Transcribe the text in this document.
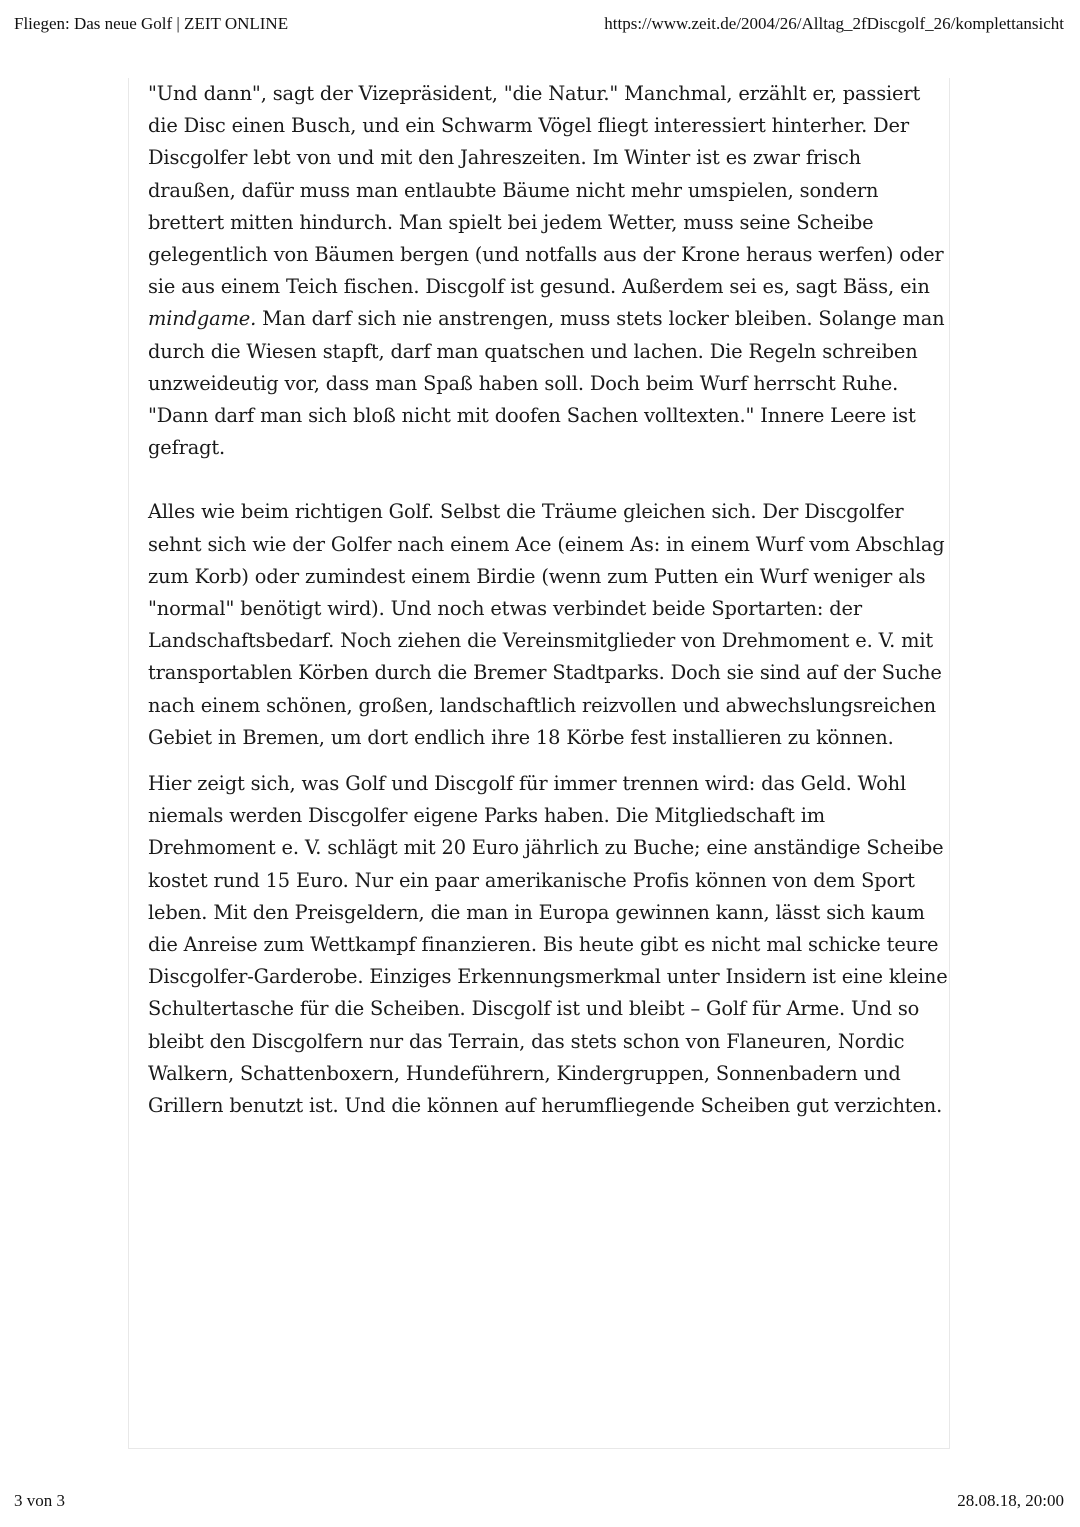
Fliegen: Das neue Golf | ZEIT ONLINE	https://www.zeit.de/2004/26/Alltag_2fDiscgolf_26/komplettansicht

"Und dann", sagt der Vizepräsident, "die Natur." Manchmal, erzählt er, passiert die Disc einen Busch, und ein Schwarm Vögel fliegt interessiert hinterher. Der Discgolfer lebt von und mit den Jahreszeiten. Im Winter ist es zwar frisch draußen, dafür muss man entlaubte Bäume nicht mehr umspielen, sondern brettert mitten hindurch. Man spielt bei jedem Wetter, muss seine Scheibe gelegentlich von Bäumen bergen (und notfalls aus der Krone heraus werfen) oder sie aus einem Teich fischen. Discgolf ist gesund. Außerdem sei es, sagt Bäss, ein mindgame. Man darf sich nie anstrengen, muss stets locker bleiben. Solange man durch die Wiesen stapft, darf man quatschen und lachen. Die Regeln schreiben unzweideutig vor, dass man Spaß haben soll. Doch beim Wurf herrscht Ruhe. "Dann darf man sich bloß nicht mit doofen Sachen volltexten." Innere Leere ist gefragt.

Alles wie beim richtigen Golf. Selbst die Träume gleichen sich. Der Discgolfer sehnt sich wie der Golfer nach einem Ace (einem As: in einem Wurf vom Abschlag zum Korb) oder zumindest einem Birdie (wenn zum Putten ein Wurf weniger als "normal" benötigt wird). Und noch etwas verbindet beide Sportarten: der Landschaftsbedarf. Noch ziehen die Vereinsmitglieder von Drehmoment e. V. mit transportablen Körben durch die Bremer Stadtparks. Doch sie sind auf der Suche nach einem schönen, großen, landschaftlich reizvollen und abwechslungsreichen Gebiet in Bremen, um dort endlich ihre 18 Körbe fest installieren zu können.

Hier zeigt sich, was Golf und Discgolf für immer trennen wird: das Geld. Wohl niemals werden Discgolfer eigene Parks haben. Die Mitgliedschaft im Drehmoment e. V. schlägt mit 20 Euro jährlich zu Buche; eine anständige Scheibe kostet rund 15 Euro. Nur ein paar amerikanische Profis können von dem Sport leben. Mit den Preisgeldern, die man in Europa gewinnen kann, lässt sich kaum die Anreise zum Wettkampf finanzieren. Bis heute gibt es nicht mal schicke teure Discgolfer-Garderobe. Einziges Erkennungsmerkmal unter Insidern ist eine kleine Schultertasche für die Scheiben. Discgolf ist und bleibt – Golf für Arme. Und so bleibt den Discgolfern nur das Terrain, das stets schon von Flaneuren, Nordic Walkern, Schattenboxern, Hundeführern, Kindergruppen, Sonnenbadern und Grillern benutzt ist. Und die können auf herumfliegende Scheiben gut verzichten.

3 von 3	28.08.18, 20:00
